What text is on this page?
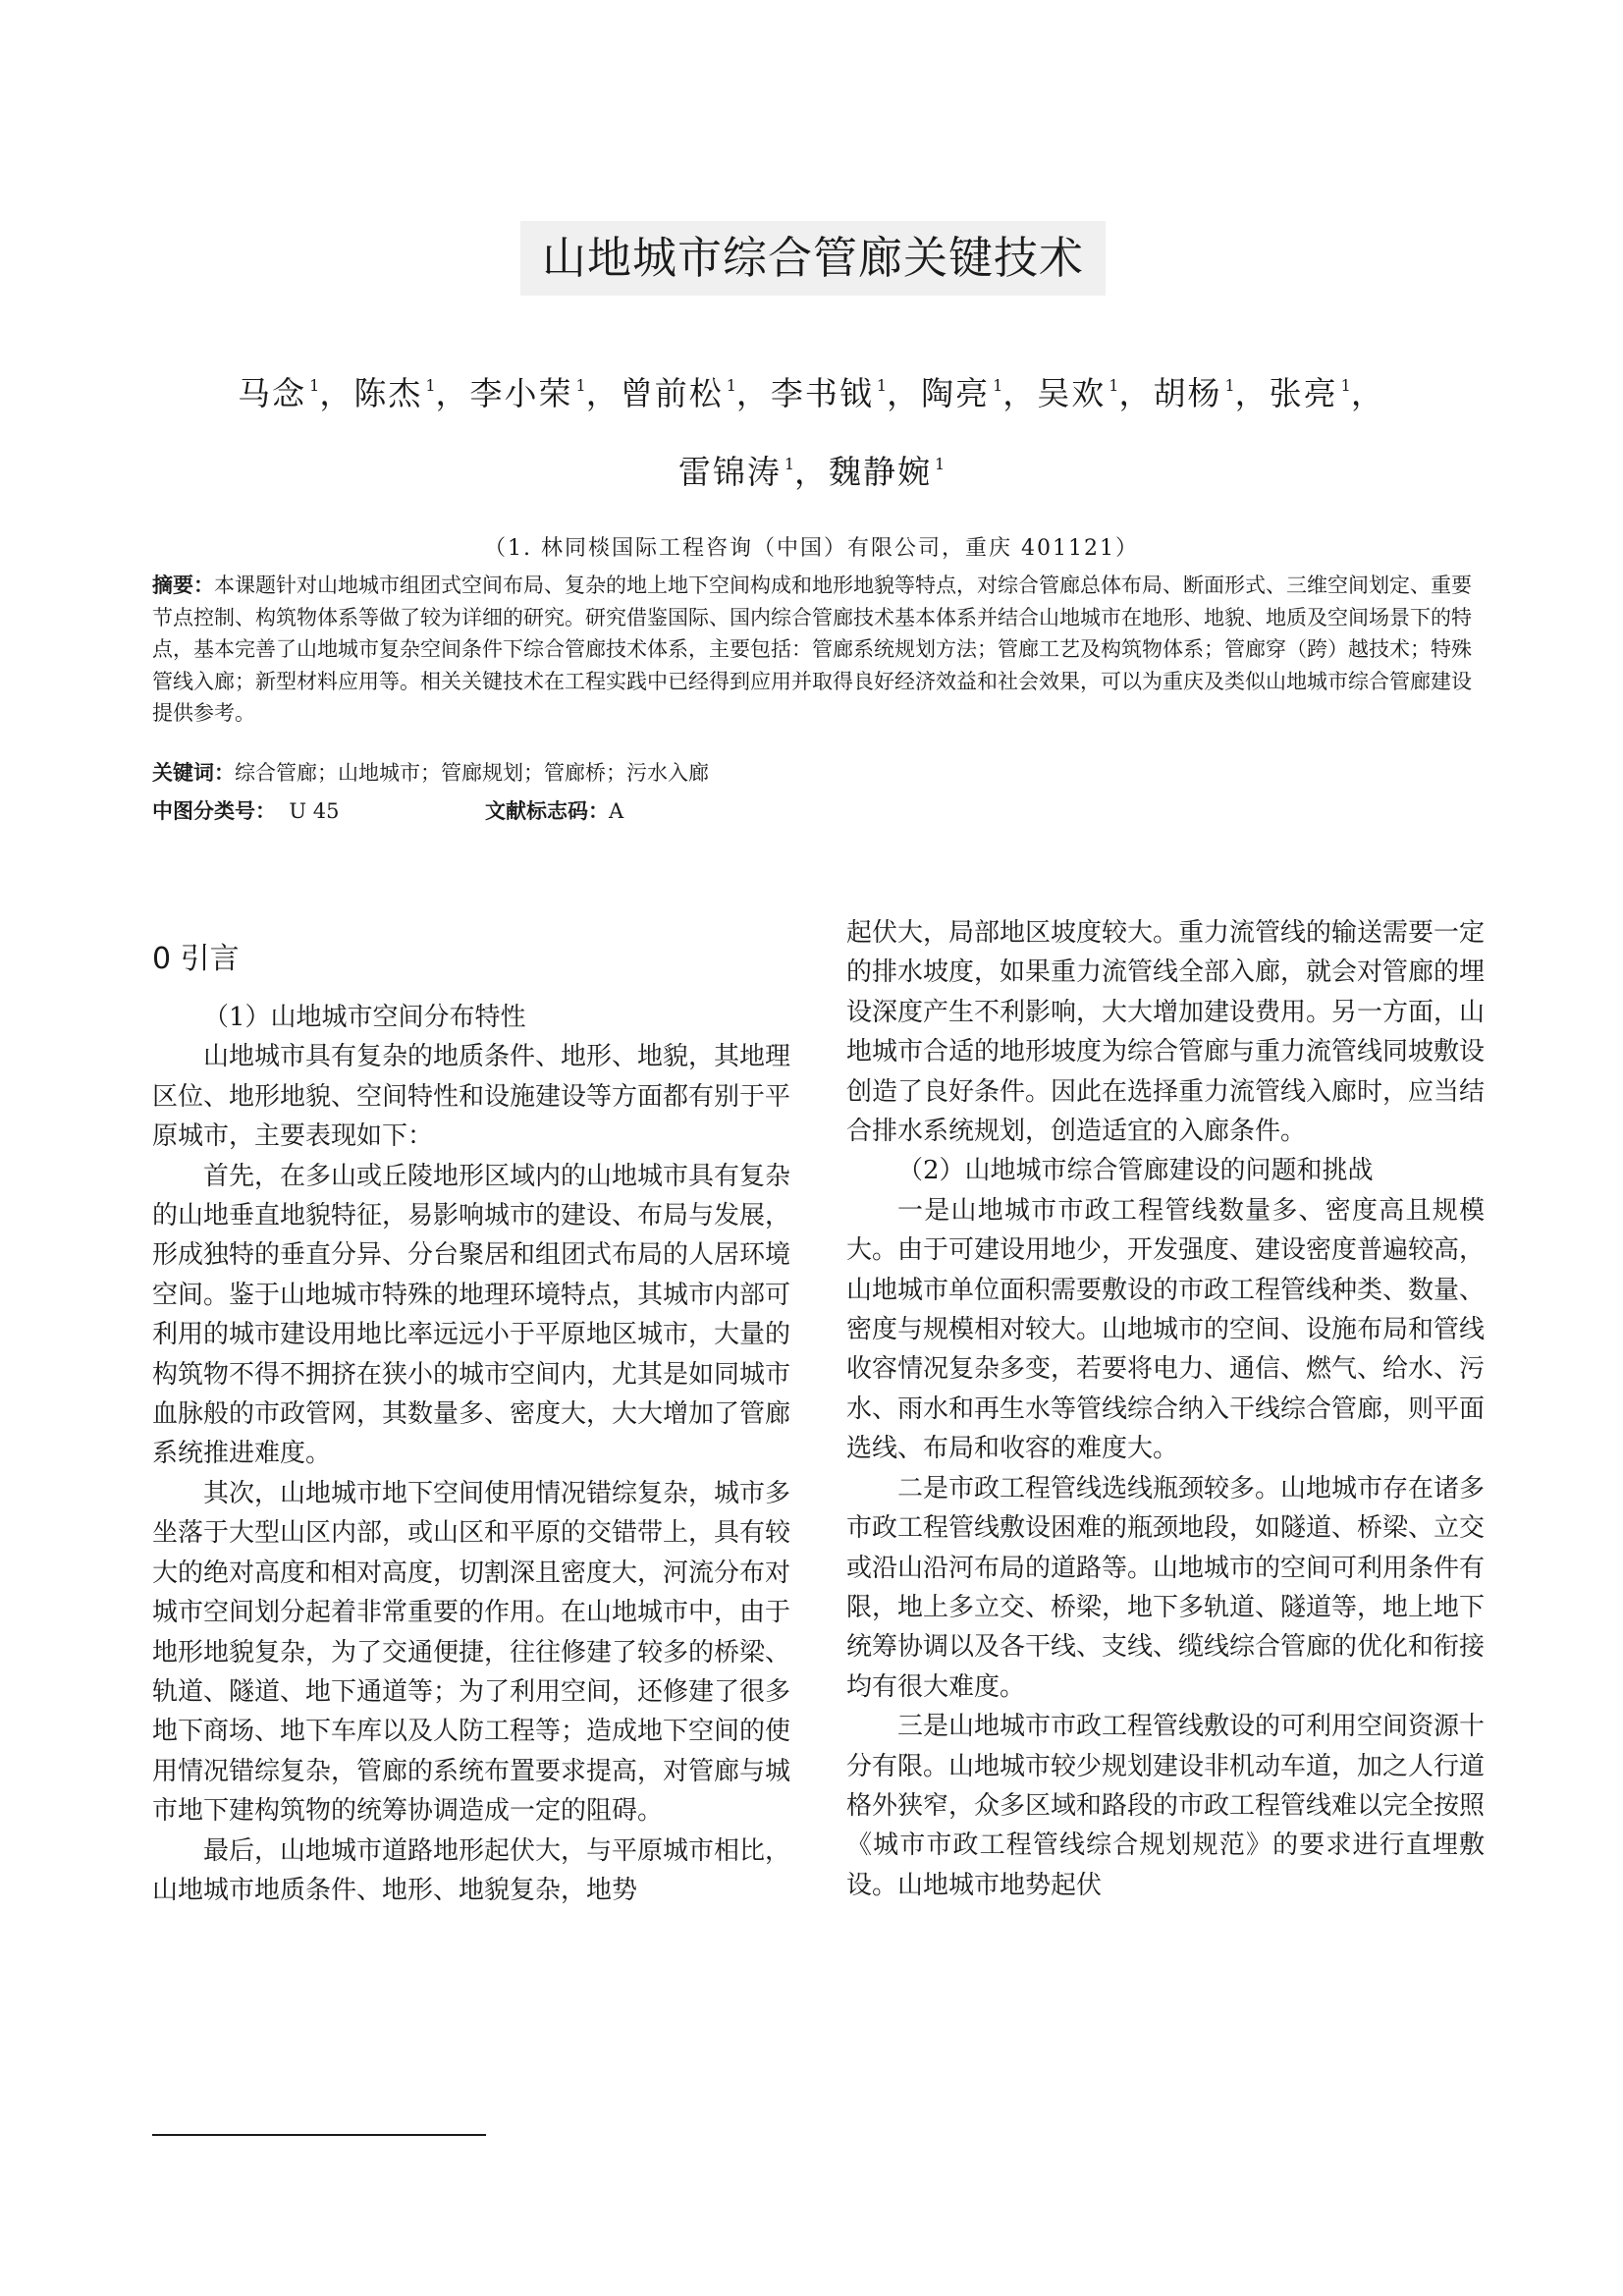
山地城市综合管廊关键技术
马念 $^1$，陈杰 $^1$，李小荣 $^1$，曾前松 $^1$，李书钺 $^1$，陶亮 $^1$，吴欢 $^1$，胡杨 $^1$，张亮 $^1$，
雷锦涛 $^1$，魏静婉 $^1$
（1. 林同棪国际工程咨询（中国）有限公司，重庆 401121）
摘要：本课题针对山地城市组团式空间布局、复杂的地上地下空间构成和地形地貌等特点，对综合管廊总体布局、断面形式、三维空间划定、重要节点控制、构筑物体系等做了较为详细的研究。研究借鉴国际、国内综合管廊技术基本体系并结合山地城市在地形、地貌、地质及空间场景下的特点，基本完善了山地城市复杂空间条件下综合管廊技术体系，主要包括：管廊系统规划方法；管廊工艺及构筑物体系；管廊穿（跨）越技术；特殊管线入廊；新型材料应用等。相关关键技术在工程实践中已经得到应用并取得良好经济效益和社会效果，可以为重庆及类似山地城市综合管廊建设提供参考。
关键词：综合管廊；山地城市；管廊规划；管廊桥；污水入廊
中图分类号： U 45	文献标志码：A
0 引言

（1）山地城市空间分布特性

山地城市具有复杂的地质条件、地形、地貌，其地理区位、地形地貌、空间特性和设施建设等方面都有别于平原城市，主要表现如下：

首先，在多山或丘陵地形区域内的山地城市具有复杂的山地垂直地貌特征，易影响城市的建设、布局与发展，形成独特的垂直分异、分台聚居和组团式布局的人居环境空间。鉴于山地城市特殊的地理环境特点，其城市内部可利用的城市建设用地比率远远小于平原地区城市，大量的构筑物不得不拥挤在狭小的城市空间内，尤其是如同城市血脉般的市政管网，其数量多、密度大，大大增加了管廊系统推进难度。

其次，山地城市地下空间使用情况错综复杂，城市多坐落于大型山区内部，或山区和平原的交错带上，具有较大的绝对高度和相对高度，切割深且密度大，河流分布对城市空间划分起着非常重要的作用。在山地城市中，由于地形地貌复杂，为了交通便捷，往往修建了较多的桥梁、轨道、隧道、地下通道等；为了利用空间，还修建了很多地下商场、地下车库以及人防工程等；造成地下空间的使用情况错综复杂，管廊的系统布置要求提高，对管廊与城市地下建构筑物的统筹协调造成一定的阻碍。

最后，山地城市道路地形起伏大，与平原城市相比，山地城市地质条件、地形、地貌复杂，地势

起伏大，局部地区坡度较大。重力流管线的输送需要一定的排水坡度，如果重力流管线全部入廊，就会对管廊的埋设深度产生不利影响，大大增加建设费用。另一方面，山地城市合适的地形坡度为综合管廊与重力流管线同坡敷设创造了良好条件。因此在选择重力流管线入廊时，应当结合排水系统规划，创造适宜的入廊条件。

（2）山地城市综合管廊建设的问题和挑战

一是山地城市市政工程管线数量多、密度高且规模大。由于可建设用地少，开发强度、建设密度普遍较高，山地城市单位面积需要敷设的市政工程管线种类、数量、密度与规模相对较大。山地城市的空间、设施布局和管线收容情况复杂多变，若要将电力、通信、燃气、给水、污水、雨水和再生水等管线综合纳入干线综合管廊，则平面选线、布局和收容的难度大。

二是市政工程管线选线瓶颈较多。山地城市存在诸多市政工程管线敷设困难的瓶颈地段，如隧道、桥梁、立交或沿山沿河布局的道路等。山地城市的空间可利用条件有限，地上多立交、桥梁，地下多轨道、隧道等，地上地下统筹协调以及各干线、支线、缆线综合管廊的优化和衔接均有很大难度。

三是山地城市市政工程管线敷设的可利用空间资源十分有限。山地城市较少规划建设非机动车道，加之人行道格外狭窄，众多区域和路段的市政工程管线难以完全按照《城市市政工程管线综合规划规范》的要求进行直埋敷设。山地城市地势起伏
